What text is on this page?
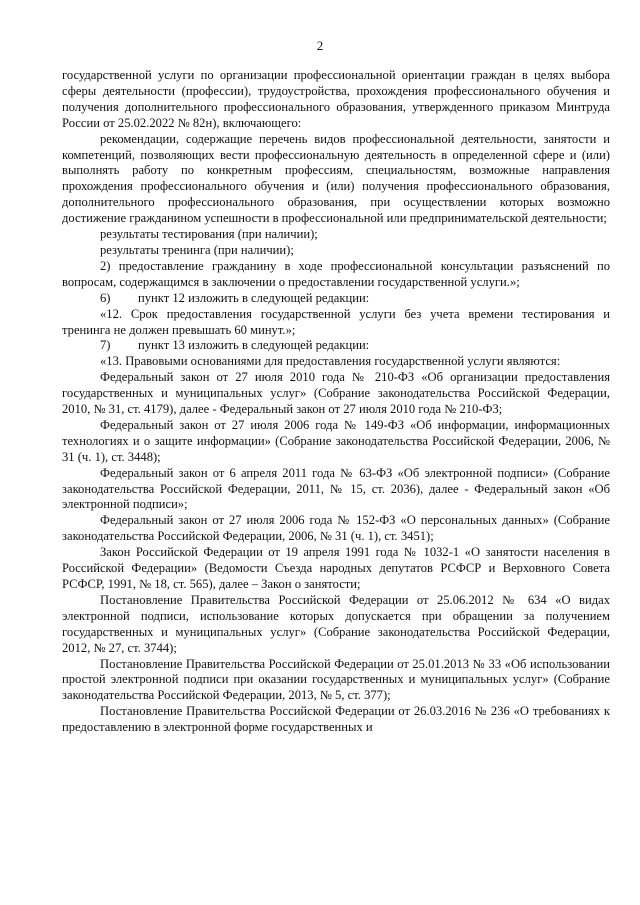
2

государственной услуги по организации профессиональной ориентации граждан в целях выбора сферы деятельности (профессии), трудоустройства, прохождения профессионального обучения и получения дополнительного профессионального образования, утвержденного приказом Минтруда России от 25.02.2022 № 82н), включающего:

рекомендации, содержащие перечень видов профессиональной деятельности, занятости и компетенций, позволяющих вести профессиональную деятельность в определенной сфере и (или) выполнять работу по конкретным профессиям, специальностям, возможные направления прохождения профессионального обучения и (или) получения профессионального образования, дополнительного профессионального образования, при осуществлении которых возможно достижение гражданином успешности в профессиональной или предпринимательской деятельности;

результаты тестирования (при наличии);

результаты тренинга (при наличии);

2) предоставление гражданину в ходе профессиональной консультации разъяснений по вопросам, содержащимся в заключении о предоставлении государственной услуги.»;

6) пункт 12 изложить в следующей редакции:

«12. Срок предоставления государственной услуги без учета времени тестирования и тренинга не должен превышать 60 минут.»;

7) пункт 13 изложить в следующей редакции:

«13. Правовыми основаниями для предоставления государственной услуги являются:

Федеральный закон от 27 июля 2010 года № 210-ФЗ «Об организации предоставления государственных и муниципальных услуг» (Собрание законодательства Российской Федерации, 2010, № 31, ст. 4179), далее - Федеральный закон от 27 июля 2010 года № 210-ФЗ;

Федеральный закон от 27 июля 2006 года № 149-ФЗ «Об информации, информационных технологиях и о защите информации» (Собрание законодательства Российской Федерации, 2006, № 31 (ч. 1), ст. 3448);

Федеральный закон от 6 апреля 2011 года № 63-ФЗ «Об электронной подписи» (Собрание законодательства Российской Федерации, 2011, № 15, ст. 2036), далее - Федеральный закон «Об электронной подписи»;

Федеральный закон от 27 июля 2006 года № 152-ФЗ «О персональных данных» (Собрание законодательства Российской Федерации, 2006, № 31 (ч. 1), ст. 3451);

Закон Российской Федерации от 19 апреля 1991 года № 1032-1 «О занятости населения в Российской Федерации» (Ведомости Съезда народных депутатов РСФСР и Верховного Совета РСФСР, 1991, № 18, ст. 565), далее – Закон о занятости;

Постановление Правительства Российской Федерации от 25.06.2012 № 634 «О видах электронной подписи, использование которых допускается при обращении за получением государственных и муниципальных услуг» (Собрание законодательства Российской Федерации, 2012, № 27, ст. 3744);

Постановление Правительства Российской Федерации от 25.01.2013 № 33 «Об использовании простой электронной подписи при оказании государственных и муниципальных услуг» (Собрание законодательства Российской Федерации, 2013, № 5, ст. 377);

Постановление Правительства Российской Федерации от 26.03.2016 № 236 «О требованиях к предоставлению в электронной форме государственных и
